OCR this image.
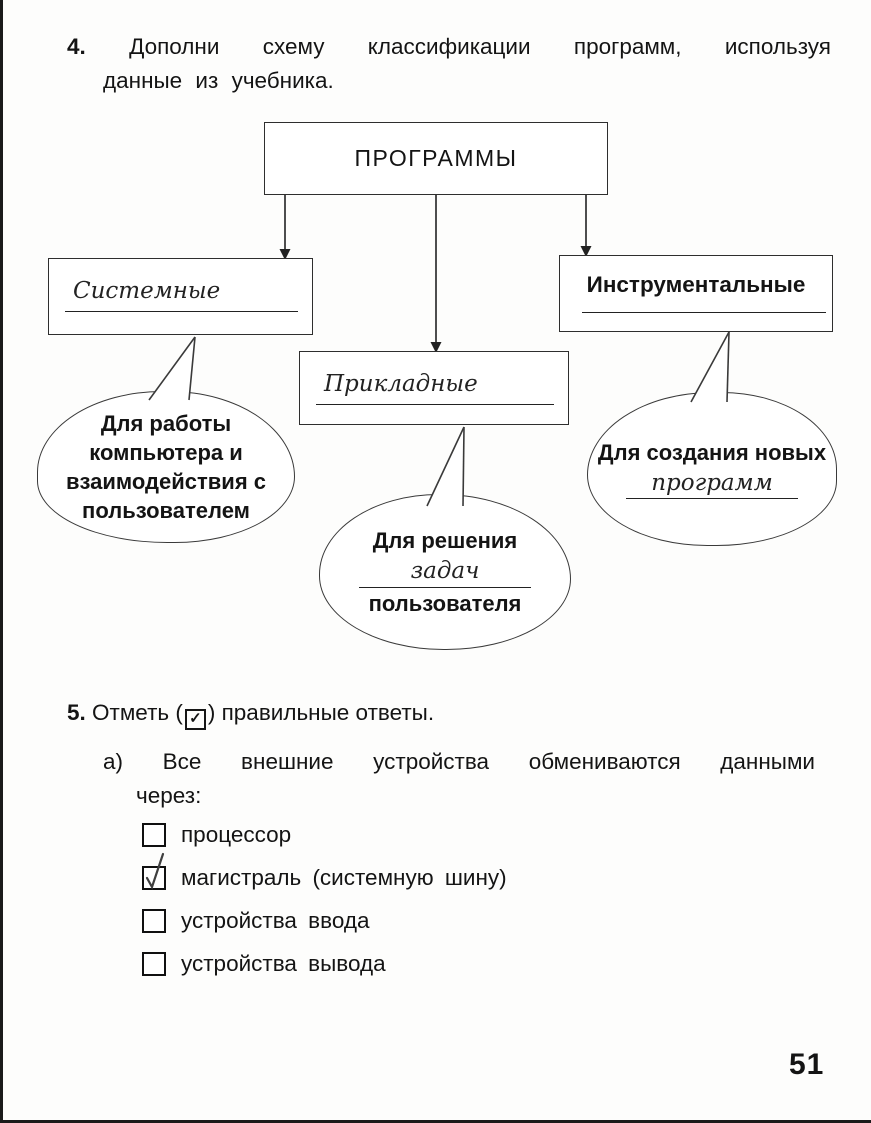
4. Дополни схему классификации программ, используя
данные из учебника.
ПРОГРАММЫ
Системные	Инструментальные
Прикладные
Для работы компьютера и взаимодействия с пользователем
Для решения
задач
пользователя
Для создания новых
программ
5. Отметь ( ✓ ) правильные ответы.
а) Все внешние устройства обмениваются данными
через:
процессор
магистраль (системную шину)
устройства ввода
устройства вывода
51
